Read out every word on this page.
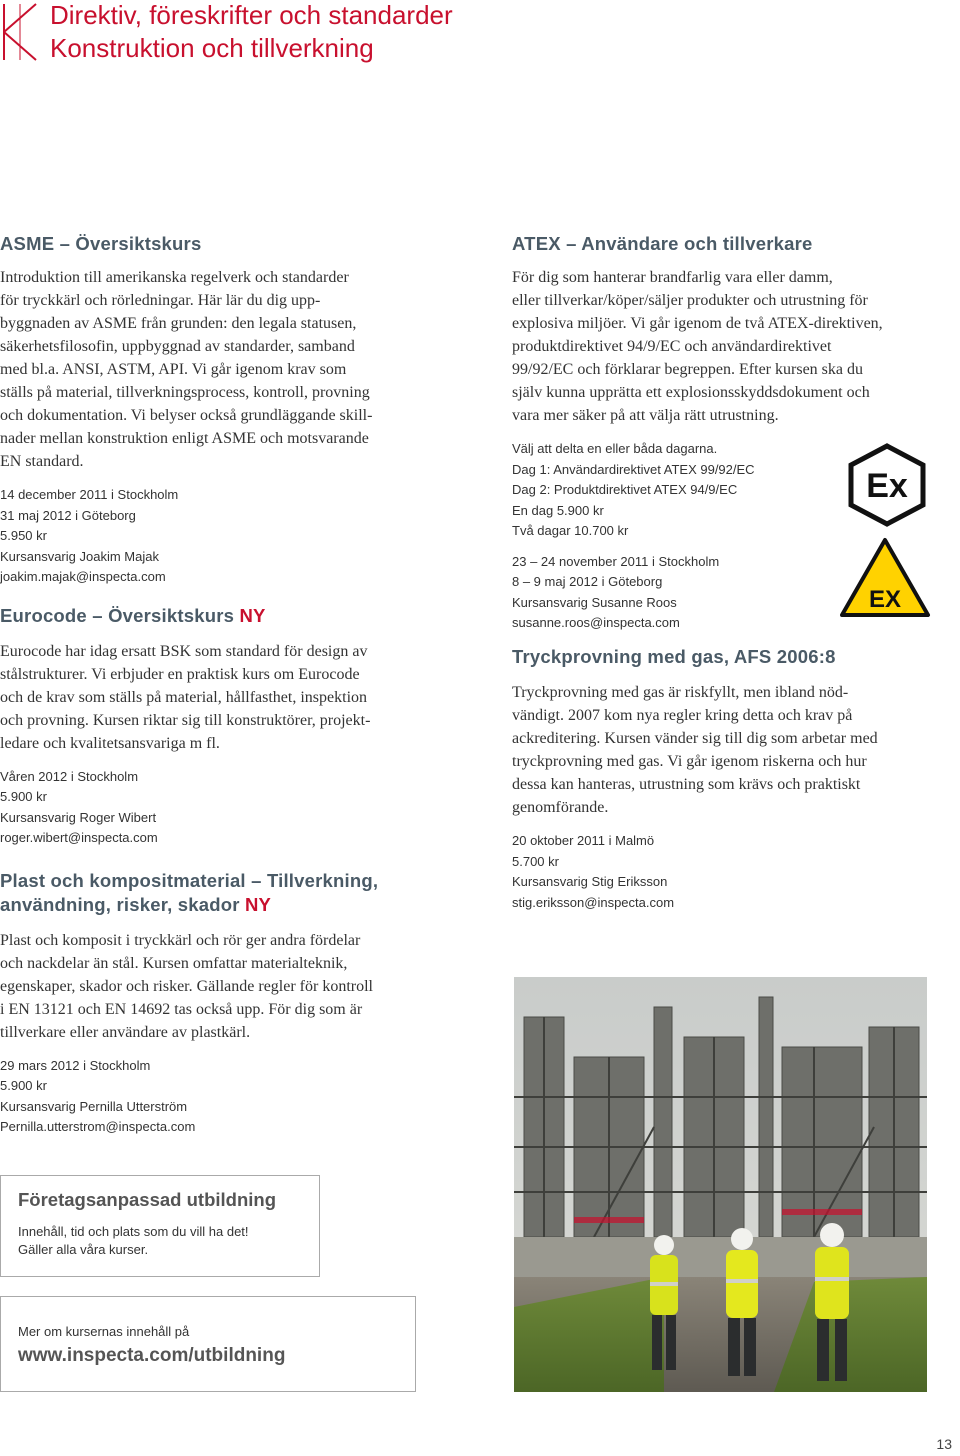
Direktiv, föreskrifter och standarder
Konstruktion och tillverkning
ASME – Översiktskurs
Introduktion till amerikanska regelverk och standarder
för tryckkärl och rörledningar. Här lär du dig upp-
byggnaden av ASME från grunden: den legala statusen,
säkerhetsfilosofin, uppbyggnad av standarder, samband
med bl.a. ANSI, ASTM, API. Vi går igenom krav som
ställs på material, tillverkningsprocess, kontroll, provning
och dokumentation. Vi belyser också grundläggande skill-
nader mellan konstruktion enligt ASME och motsvarande
EN standard.
14 december 2011 i Stockholm
31 maj 2012 i Göteborg
5.950 kr
Kursansvarig Joakim Majak
joakim.majak@inspecta.com
Eurocode – Översiktskurs NY
Eurocode har idag ersatt BSK som standard för design av
stålstrukturer. Vi erbjuder en praktisk kurs om Eurocode
och de krav som ställs på material, hållfasthet, inspektion
och provning. Kursen riktar sig till konstruktörer, projekt-
ledare och kvalitetsansvariga m fl.
Våren 2012 i Stockholm
5.900 kr
Kursansvarig Roger Wibert
roger.wibert@inspecta.com
Plast och kompositmaterial – Tillverkning,
användning, risker, skador NY
Plast och komposit i tryckkärl och rör ger andra fördelar
och nackdelar än stål. Kursen omfattar materialteknik,
egenskaper, skador och risker. Gällande regler för kontroll
i EN 13121 och EN 14692 tas också upp. För dig som är
tillverkare eller användare av plastkärl.
29 mars 2012 i Stockholm
5.900 kr
Kursansvarig Pernilla Utterström
Pernilla.utterstrom@inspecta.com
ATEX – Användare och tillverkare
För dig som hanterar brandfarlig vara eller damm,
eller tillverkar/köper/säljer produkter och utrustning för
explosiva miljöer. Vi går igenom de två ATEX-direktiven,
produktdirektivet 94/9/EC och användardirektivet
99/92/EC och förklarar begreppen. Efter kursen ska du
själv kunna upprätta ett explosionsskyddsdokument och
vara mer säker på att välja rätt utrustning.
Välj att delta en eller båda dagarna.
Dag 1: Användardirektivet ATEX 99/92/EC
Dag 2: Produktdirektivet ATEX 94/9/EC
En dag 5.900 kr
Två dagar 10.700 kr
23 – 24 november 2011 i Stockholm
8 – 9 maj 2012 i Göteborg
Kursansvarig Susanne Roos
susanne.roos@inspecta.com
Ex
EX
Tryckprovning med gas, AFS 2006:8
Tryckprovning med gas är riskfyllt, men ibland nöd-
vändigt. 2007 kom nya regler kring detta och krav på
ackreditering. Kursen vänder sig till dig som arbetar med
tryckprovning med gas. Vi går igenom riskerna och hur
dessa kan hanteras, utrustning som krävs och praktiskt
genomförande.
20 oktober 2011 i Malmö
5.700 kr
Kursansvarig Stig Eriksson
stig.eriksson@inspecta.com
Företagsanpassad utbildning
Innehåll, tid och plats som du vill ha det!
Gäller alla våra kurser.
Mer om kursernas innehåll på
www.inspecta.com/utbildning
13
